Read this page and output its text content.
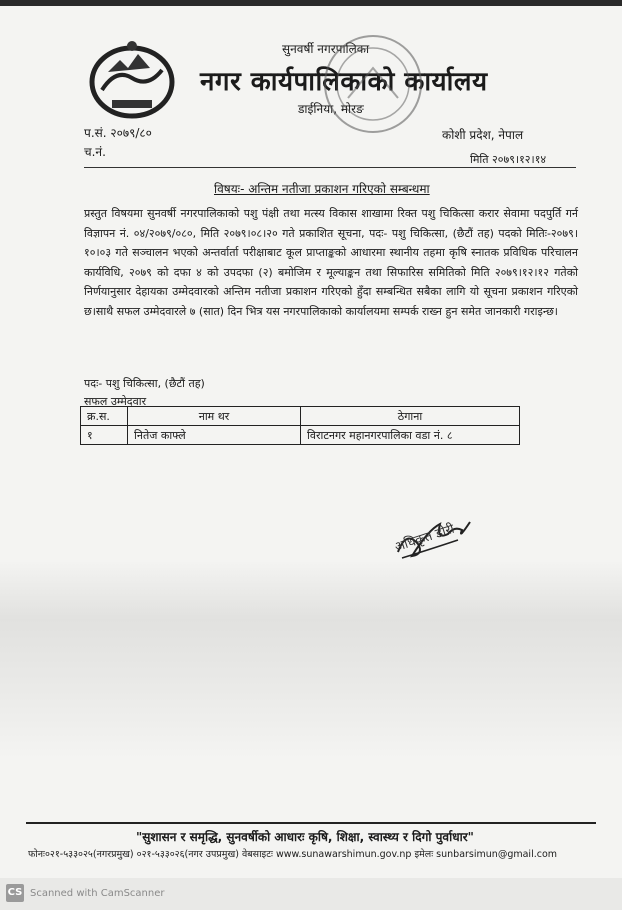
सुनवर्षी नगरपालिका
नगर कार्यपालिकाको कार्यालय
डाईनिया, मोरङ
प.सं. २०७९/८०
च.नं.
कोशी प्रदेश, नेपाल
मिति २०७९।१२।१४
विषयः- अन्तिम नतीजा प्रकाशन गरिएको सम्बन्धमा
प्रस्तुत विषयमा सुनवर्षी नगरपालिकाको पशु पंक्षी तथा मत्स्य विकास शाखामा रिक्त पशु चिकित्सा करार सेवामा पदपुर्ति गर्न विज्ञापन नं. ०४/२०७९/०८०, मिति २०७९।०८।२० गते प्रकाशित सूचना, पदः- पशु चिकित्सा, (छैटौं तह) पदको मितिः-२०७९।१०।०३ गते सञ्चालन भएको अन्तर्वार्ता परीक्षाबाट कूल प्राप्ताङ्कको आधारमा स्थानीय तहमा कृषि स्नातक प्रविधिक परिचालन कार्यविधि, २०७९ को दफा ४ को उपदफा (२) बमोजिम र मूल्याङ्कन तथा सिफारिस समितिको मिति २०७९।१२।१२ गतेको निर्णयानुसार देहायका उम्मेदवारको अन्तिम नतीजा प्रकाशन गरिएको हुँदा सम्बन्धित सबैका लागि यो सूचना प्रकाशन गरिएको छ।साथै सफल उम्मेदवारले ७ (सात) दिन भित्र यस नगरपालिकाको कार्यालयमा सम्पर्क राख्न हुन समेत जानकारी गराइन्छ।
पदः- पशु चिकित्सा, (छैटौं तह)
सफल उम्मेदवार
क्र.स.	नाम थर	ठेगाना
१	नितेज काफ्ले	विराटनगर महानगरपालिका वडा नं. ८
अधिकृत डोरी
"सुशासन र समृद्धि, सुनवर्षीको आधारः कृषि, शिक्षा, स्वास्थ्य र दिगो पुर्वाधार"
फोनः०२१-५३३०२५(नगरप्रमुख) ०२१-५३३०२६(नगर उपप्रमुख) वेबसाइटः www.sunawarshimun.gov.np इमेलः sunbarsimun@gmail.com
CS Scanned with CamScanner
